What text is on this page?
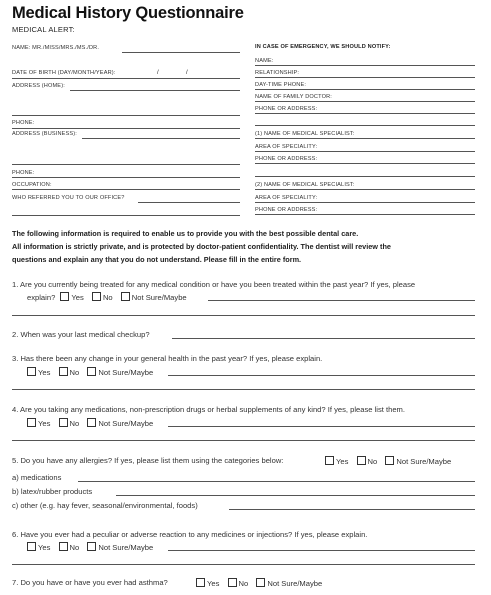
Medical History Questionnaire
MEDICAL ALERT:
NAME: MR./MISS/MRS./MS./DR.
DATE OF BIRTH (DAY/MONTH/YEAR):	/	/
ADDRESS (HOME):
PHONE:
ADDRESS (BUSINESS):
PHONE:
OCCUPATION:
WHO REFERRED YOU TO OUR OFFICE?
IN CASE OF EMERGENCY, WE SHOULD NOTIFY:
NAME:
RELATIONSHIP:
DAY-TIME PHONE:
NAME OF FAMILY DOCTOR:
PHONE OR ADDRESS:
(1) NAME OF MEDICAL SPECIALIST:
AREA OF SPECIALITY:
PHONE OR ADDRESS:
(2) NAME OF MEDICAL SPECIALIST:
AREA OF SPECIALITY:
PHONE OR ADDRESS:
The following information is required to enable us to provide you with the best possible dental care.
All information is strictly private, and is protected by doctor-patient confidentiality. The dentist will review the
questions and explain any that you do not understand. Please fill in the entire form.
1. Are you currently being treated for any medical condition or have you been treated within the past year? If yes, please
explain? Yes	No	Not Sure/Maybe
2. When was your last medical checkup?
3. Has there been any change in your general health in the past year? If yes, please explain.
Yes	No	Not Sure/Maybe
4. Are you taking any medications, non-prescription drugs or herbal supplements of any kind? If yes, please list them.
Yes	No	Not Sure/Maybe
5. Do you have any allergies? If yes, please list them using the categories below:	Yes	No	Not Sure/Maybe
a) medications
b) latex/rubber products
c) other (e.g. hay fever, seasonal/environmental, foods)
6. Have you ever had a peculiar or adverse reaction to any medicines or injections? If yes, please explain.
Yes	No	Not Sure/Maybe
7. Do you have or have you ever had asthma?	Yes	No	Not Sure/Maybe
